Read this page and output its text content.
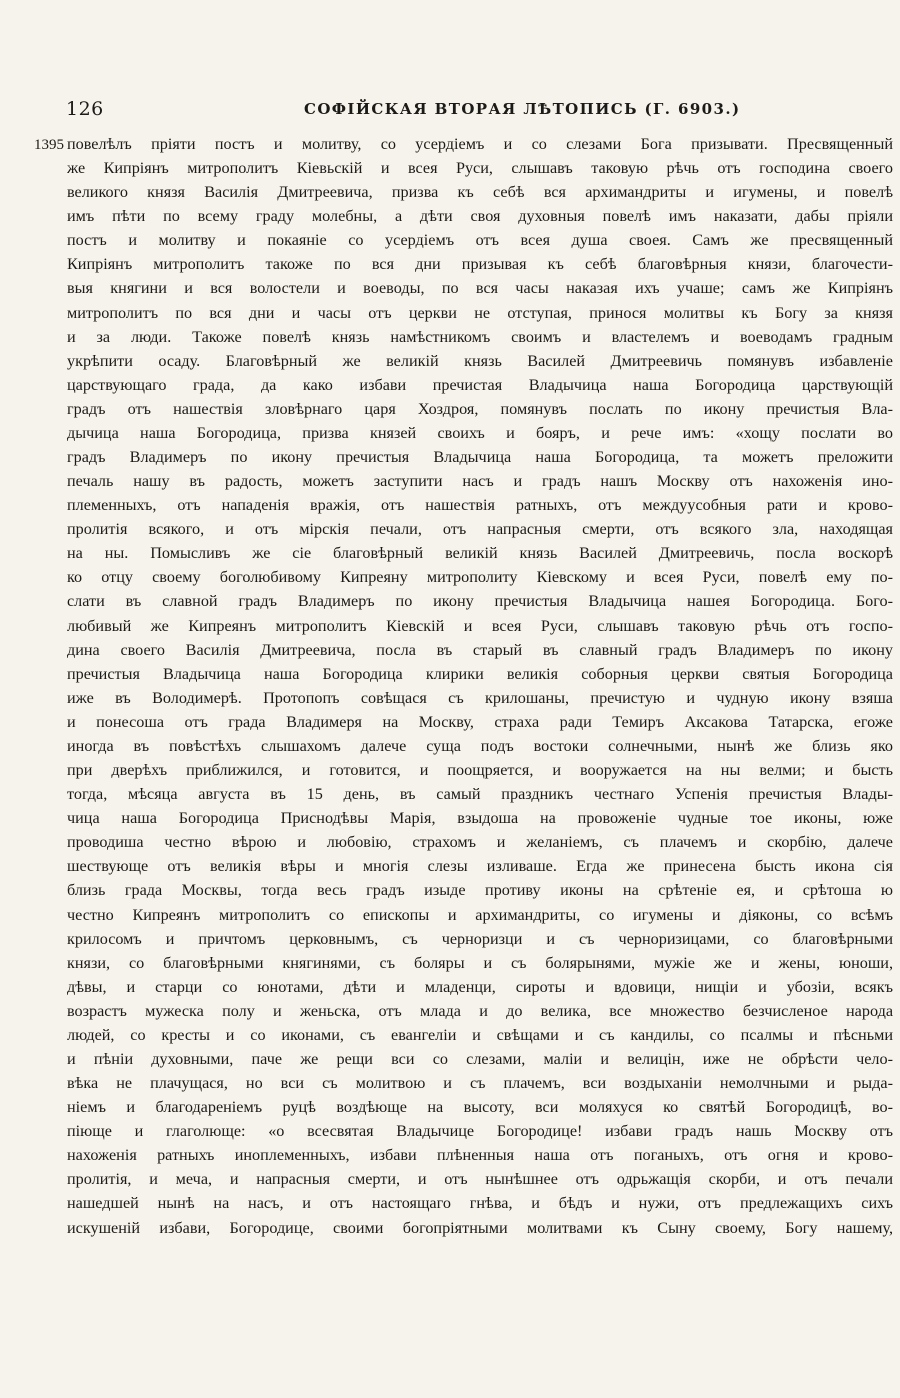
126	СОФІЙСКАЯ ВТОРАЯ ЛѢТОПИСЬ (Г. 6903.)
1395 повелѣлъ пріяти постъ и молитву, со усердіемъ и со слезами Бога призывати. Пресвященный
же Кипріянъ митрополитъ Кіевьскій и всея Руси, слышавъ таковую рѣчь отъ господина своего
великого князя Василія Дмитреевича, призва къ себѣ вся архимандриты и игумены, и повелѣ
имъ пѣти по всему граду молебны, а дѣти своя духовныя повелѣ имъ наказати, дабы пріяли
постъ и молитву и покаяніе со усердіемъ отъ всея душа своея. Самъ же пресвященный
Кипріянъ митрополитъ такоже по вся дни призывая къ себѣ благовѣрныя князи, благочести-
выя княгини и вся волостели и воеводы, по вся часы наказая ихъ учаше; самъ же Кипріянъ
митрополитъ по вся дни и часы отъ церкви не отступая, принося молитвы къ Богу за князя
и за люди. Такоже повелѣ князь намѣстникомъ своимъ и властелемъ и воеводамъ градным
укрѣпити осаду. Благовѣрный же великій князь Василей Дмитреевичь помянувъ избавленіе
царствующаго града, да како избави пречистая Владычица наша Богородица царствующій
градъ отъ нашествія зловѣрнаго царя Хоздроя, помянувъ послать по икону пречистыя Вла-
дычица наша Богородица, призва князей своихъ и бояръ, и рече имъ: «хощу послати во
градъ Владимеръ по икону пречистыя Владычица наша Богородица, та можетъ преложити
печаль нашу въ радость, можетъ заступити насъ и градъ нашъ Москву отъ нахоженія ино-
племенныхъ, отъ нападенія вражія, отъ нашествія ратныхъ, отъ междуусобныя рати и крово-
пролитія всякого, и отъ мірскія печали, отъ напрасныя смерти, отъ всякого зла, находящая
на ны. Помысливъ же сіе благовѣрный великій князь Василей Дмитреевичь, посла воскорѣ
ко отцу своему боголюбивому Кипреяну митрополиту Кіевскому и всея Руси, повелѣ ему по-
слати въ славной градъ Владимеръ по икону пречистыя Владычица нашея Богородица. Бого-
любивый же Кипреянъ митрополитъ Кіевскій и всея Руси, слышавъ таковую рѣчь отъ госпо-
дина своего Василія Дмитреевича, посла въ старый въ славный градъ Владимеръ по икону
пречистыя Владычица наша Богородица клирики великія соборныя церкви святыя Богородица
иже въ Володимерѣ. Протопопъ совѣщася съ крилошаны, пречистую и чудную икону взяша
и понесоша отъ града Владимеря на Москву, страха ради Темиръ Аксакова Татарска, егоже
иногда въ повѣстѣхъ слышахомъ далече суща подъ востоки солнечными, нынѣ же близь яко
при дверѣхъ приближился, и готовится, и поощряется, и вооружается на ны велми; и бысть
тогда, мѣсяца августа въ 15 день, въ самый праздникъ честнаго Успенія пречистыя Влады-
чица наша Богородица Приснодѣвы Марія, взыдоша на провоженіе чудные тое иконы, юже
проводиша честно вѣрою и любовію, страхомъ и желаніемъ, съ плачемъ и скорбію, далече
шествующе отъ великія вѣры и многія слезы изливаше. Егда же принесена бысть икона сія
близь града Москвы, тогда весь градъ изыде противу иконы на срѣтеніе ея, и срѣтоша ю
честно Кипреянъ митрополитъ со епископы и архимандриты, со игумены и діяконы, со всѣмъ
крилосомъ и причтомъ церковнымъ, съ черноризци и съ черноризицами, со благовѣрными
князи, со благовѣрными княгинями, съ боляры и съ болярынями, мужіе же и жены, юноши,
дѣвы, и старци со юнотами, дѣти и младенци, сироты и вдовици, нищіи и убозіи, всякъ
возрастъ мужеска полу и женьска, отъ млада и до велика, все множество безчисленое народа
людей, со кресты и со иконами, съ евангеліи и свѣщами и съ кандилы, со псалмы и пѣсньми
и пѣніи духовными, паче же рещи вси со слезами, маліи и велицін, иже не обрѣсти чело-
вѣка не плачущася, но вси съ молитвою и съ плачемъ, вси воздыханіи немолчными и рыда-
ніемъ и благодареніемъ руцѣ воздѣюще на высоту, вси моляхуся ко святѣй Богородицѣ, во-
піюще и глаголюще: «о всесвятая Владычице Богородице! избави градъ нашь Москву отъ
нахоженія ратныхъ иноплеменныхъ, избави плѣненныя наша отъ поганыхъ, отъ огня и крово-
пролитія, и меча, и напрасныя смерти, и отъ нынѣшнее отъ одрьжащія скорби, и отъ печали
нашедшей нынѣ на насъ, и отъ настоящаго гнѣва, и бѣдъ и нужи, отъ предлежащихъ сихъ
искушеній избави, Богородице, своими богопріятными молитвами къ Сыну своему, Богу нашему,
